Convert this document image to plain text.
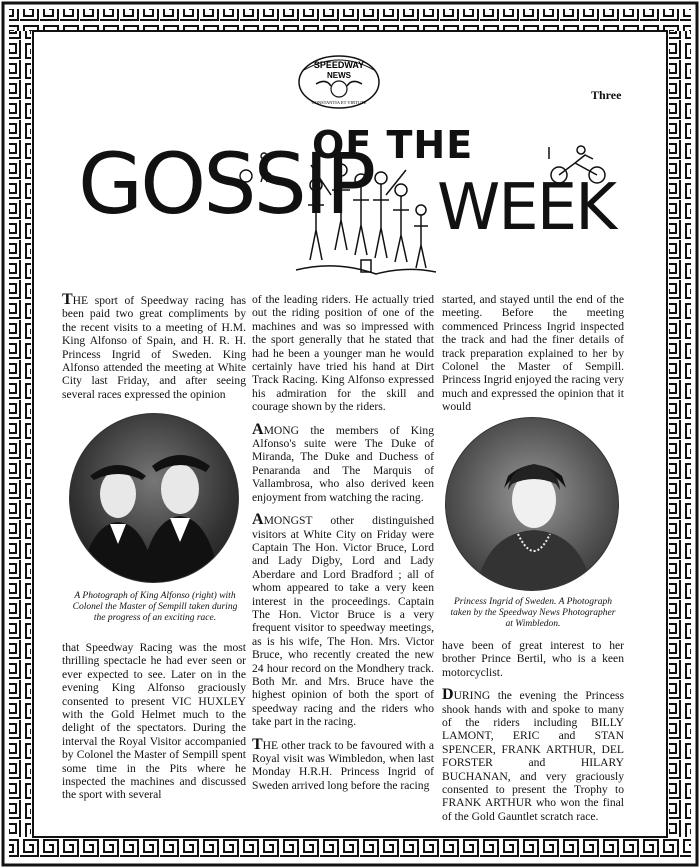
SPEEDWAY
NEWS
CONSTANTIA ET VIRTUTE
Three
OF THE
GOSSIP WEEK

THE sport of Speedway racing has been paid two great compliments by the recent visits to a meeting of H.M. King Alfonso of Spain, and H. R. H. Princess Ingrid of Sweden. King Alfonso attended the meeting at White City last Friday, and after seeing several races expressed the opinion

A Photograph of King Alfonso (right) with Colonel the Master of Sempill taken during the progress of an exciting race.

that Speedway Racing was the most thrilling spectacle he had ever seen or ever expected to see. Later on in the evening King Alfonso graciously consented to present VIC HUXLEY with the Gold Helmet much to the delight of the spectators. During the interval the Royal Visitor accompanied by Colonel the Master of Sempill spent some time in the Pits where he inspected the machines and discussed the sport with several

of the leading riders. He actually tried out the riding position of one of the machines and was so impressed with the sport generally that he stated that had he been a younger man he would certainly have tried his hand at Dirt Track Racing. King Alfonso expressed his admiration for the skill and courage shown by the riders.

AMONG the members of King Alfonso's suite were The Duke of Miranda, The Duke and Duchess of Penaranda and The Marquis of Vallambrosa, who also derived keen enjoyment from watching the racing.

AMONGST other distinguished visitors at White City on Friday were Captain The Hon. Victor Bruce, Lord and Lady Digby, Lord and Lady Aberdare and Lord Bradford ; all of whom appeared to take a very keen interest in the proceedings. Captain The Hon. Victor Bruce is a very frequent visitor to speedway meetings, as is his wife, The Hon. Mrs. Victor Bruce, who recently created the new 24 hour record on the Mondhery track. Both Mr. and Mrs. Bruce have the highest opinion of both the sport of speedway racing and the riders who take part in the racing.

THE other track to be favoured with a Royal visit was Wimbledon, when last Monday H.R.H. Princess Ingrid of Sweden arrived long before the racing

started, and stayed until the end of the meeting. Before the meeting commenced Princess Ingrid inspected the track and had the finer details of track preparation explained to her by Colonel the Master of Sempill. Princess Ingrid enjoyed the racing very much and expressed the opinion that it would

Princess Ingrid of Sweden. A Photograph taken by the Speedway News Photographer at Wimbledon.

have been of great interest to her brother Prince Bertil, who is a keen motorcyclist.

DURING the evening the Princess shook hands with and spoke to many of the riders including BILLY LAMONT, ERIC and STAN SPENCER, FRANK ARTHUR, DEL FORSTER and HILARY BUCHANAN, and very graciously consented to present the Trophy to FRANK ARTHUR who won the final of the Gold Gauntlet scratch race.
